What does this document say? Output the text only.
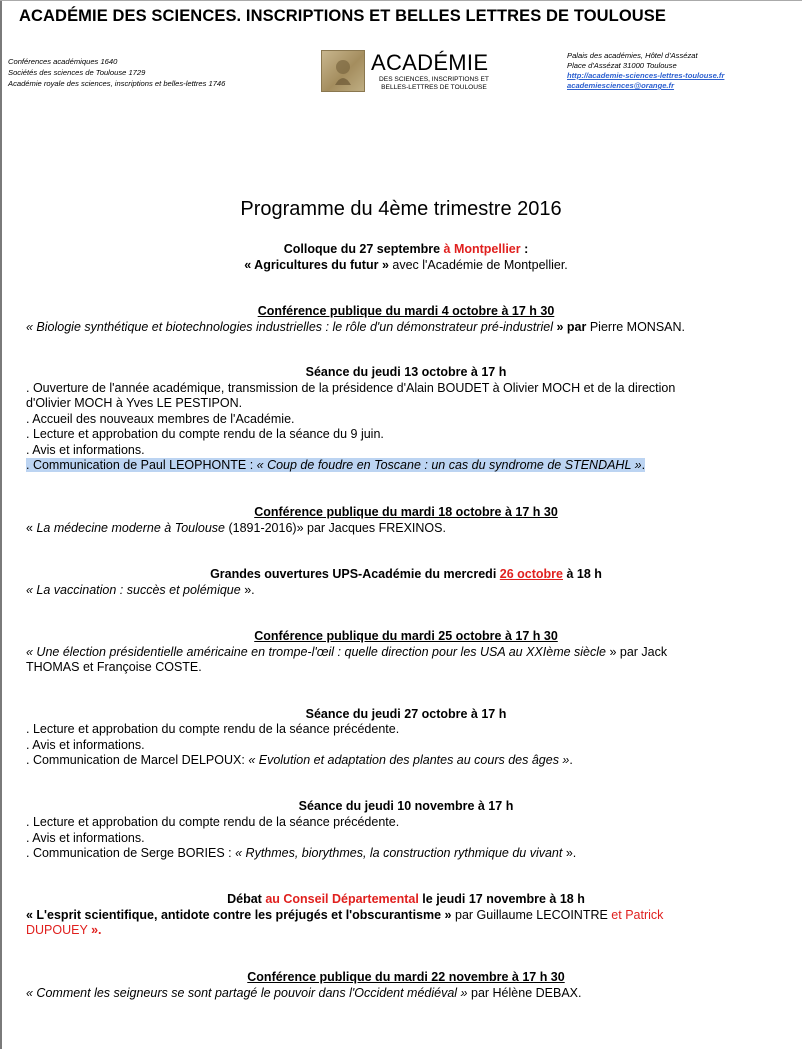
ACADÉMIE DES SCIENCES. INSCRIPTIONS ET BELLES LETTRES DE TOULOUSE
Conférences académiques 1640
Sociétés des sciences de Toulouse 1729
Académie royale des sciences, inscriptions et belles-lettres 1746
ACADÉMIE
DES SCIENCES, INSCRIPTIONS ET
BELLES-LETTRES DE TOULOUSE
Palais des académies, Hôtel d'Assézat
Place d'Assézat 31000 Toulouse
http://academie-sciences-lettres-toulouse.fr
academiesciences@orange.fr
Programme du 4ème trimestre 2016
Colloque du 27 septembre à Montpellier :
« Agricultures du futur » avec l'Académie de Montpellier.
Conférence publique du mardi 4 octobre à 17 h 30
« Biologie synthétique et biotechnologies industrielles : le rôle d'un démonstrateur pré-industriel » par Pierre MONSAN.
Séance du jeudi 13 octobre à 17 h
. Ouverture de l'année académique, transmission de la présidence d'Alain BOUDET à Olivier MOCH et de la direction
d'Olivier MOCH à Yves LE PESTIPON.
. Accueil des nouveaux membres de l'Académie.
. Lecture et approbation du compte rendu de la séance du 9 juin.
. Avis et informations.
. Communication de Paul LEOPHONTE : « Coup de foudre en Toscane : un cas du syndrome de STENDAHL ».
Conférence publique du mardi 18 octobre à 17 h 30
« La médecine moderne à Toulouse (1891-2016)» par Jacques FREXINOS.
Grandes ouvertures UPS-Académie du mercredi 26 octobre à 18 h
« La vaccination : succès et polémique ».
Conférence publique du mardi 25 octobre à 17 h 30
« Une élection présidentielle américaine en trompe-l'œil : quelle direction pour les USA au XXIème siècle » par Jack
THOMAS et Françoise COSTE.
Séance du jeudi 27 octobre à 17 h
. Lecture et approbation du compte rendu de la séance précédente.
. Avis et informations.
. Communication de Marcel DELPOUX: « Evolution et adaptation des plantes au cours des âges ».
Séance du jeudi 10 novembre à 17 h
. Lecture et approbation du compte rendu de la séance précédente.
. Avis et informations.
. Communication de Serge BORIES : « Rythmes, biorythmes, la construction rythmique du vivant ».
Débat au Conseil Départemental le jeudi 17 novembre à 18 h
« L'esprit scientifique, antidote contre les préjugés et l'obscurantisme » par Guillaume LECOINTRE et Patrick
DUPOUEY ».
Conférence publique du mardi 22 novembre à 17 h 30
« Comment les seigneurs se sont partagé le pouvoir dans l'Occident médiéval » par Hélène DEBAX.
